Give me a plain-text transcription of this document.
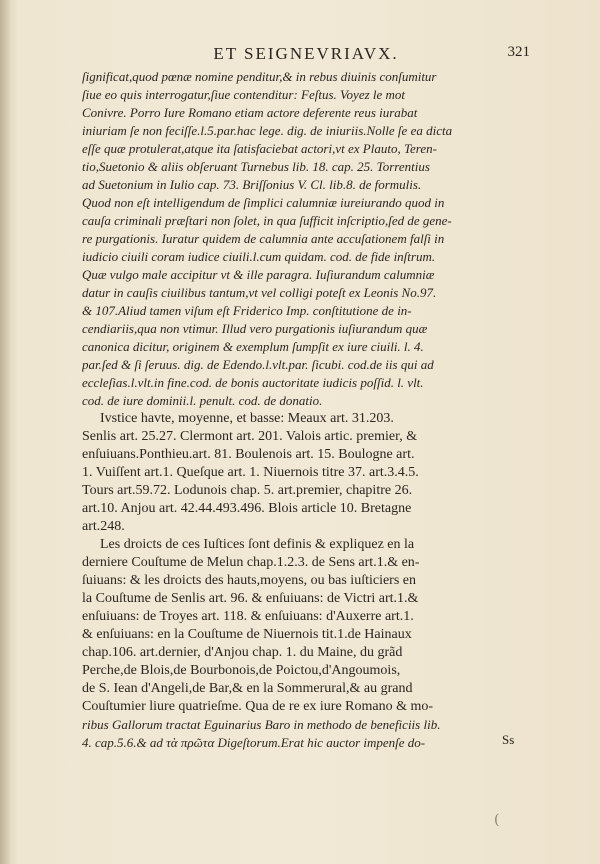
ET SEIGNEVRIAVX.	321
ſignificat,quod pœnæ nomine penditur,& in rebus diuinis conſumitur
ſiue eo quis interrogatur,ſiue contenditur: Feſtus. Voyez le mot
Conivre. Porro Iure Romano etiam actore deferente reus iurabat
iniuriam ſe non feciſſe.l.5.par.hac lege. dig. de iniuriis.Nolle ſe ea dicta
eſſe quæ protulerat,atque ita ſatisfaciebat actori,vt ex Plauto, Teren-
tio,Suetonio & aliis obſeruant Turnebus lib. 18. cap. 25. Torrentius
ad Suetonium in Iulio cap. 73. Briſſonius V. Cl. lib.8. de formulis.
Quod non eſt intelligendum de ſimplici calumniæ iureiurando quod in
cauſa criminali præſtari non ſolet, in qua ſufficit inſcriptio,ſed de gene-
re purgationis. Iuratur quidem de calumnia ante accuſationem falſi in
iudicio ciuili coram iudice ciuili.l.cum quidam. cod. de fide inſtrum.
Quæ vulgo male accipitur vt & ille paragra. Iuſiurandum calumniæ
datur in cauſis ciuilibus tantum,vt vel colligi poteſt ex Leonis No.97.
& 107.Aliud tamen viſum eſt Friderico Imp. conſtitutione de in-
cendiariis,qua non vtimur. Illud vero purgationis iuſiurandum quæ
canonica dicitur, originem & exemplum ſumpſit ex iure ciuili. l. 4.
par.ſed & ſi ſeruus. dig. de Edendo.l.vlt.par. ſicubi. cod.de iis qui ad
eccleſias.l.vlt.in fine.cod. de bonis auctoritate iudicis poſſid. l. vlt.
cod. de iure dominii.l. penult. cod. de donatio.
Ivstice havte, moyenne, et basse: Meaux art. 31.203.
Senlis art. 25.27. Clermont art. 201. Valois artic. premier, &
enſuiuans.Ponthieu.art. 81. Boulenois art. 15. Boulogne art.
1. Vuiſſent art.1. Queſque art. 1. Niuernois titre 37. art.3.4.5.
Tours art.59.72. Lodunois chap. 5. art.premier, chapitre 26.
art.10. Anjou art. 42.44.493.496. Blois article 10. Bretagne
art.248.
Les droicts de ces Iuſtices ſont definis & expliquez en la
derniere Couſtume de Melun chap.1.2.3. de Sens art.1.& en-
ſuiuans: & les droicts des hauts,moyens, ou bas iuſticiers en
la Couſtume de Senlis art. 96. & enſuiuans: de Victri art.1.&
enſuiuans: de Troyes art. 118. & enſuiuans: d'Auxerre art.1.
& enſuiuans: en la Couſtume de Niuernois tit.1.de Hainaux
chap.106. art.dernier, d'Anjou chap. 1. du Maine, du grãd
Perche,de Blois,de Bourbonois,de Poictou,d'Angoumois,
de S. Iean d'Angeli,de Bar,& en la Sommerural,& au grand
Couſtumier liure quatrieſme. Qua de re ex iure Romano & mo-
ribus Gallorum tractat Eguinarius Baro in methodo de beneficiis lib.
4. cap.5.6.& ad τὰ πρῶτα Digeſtorum.Erat hic auctor impenſe do-	Ss
(
